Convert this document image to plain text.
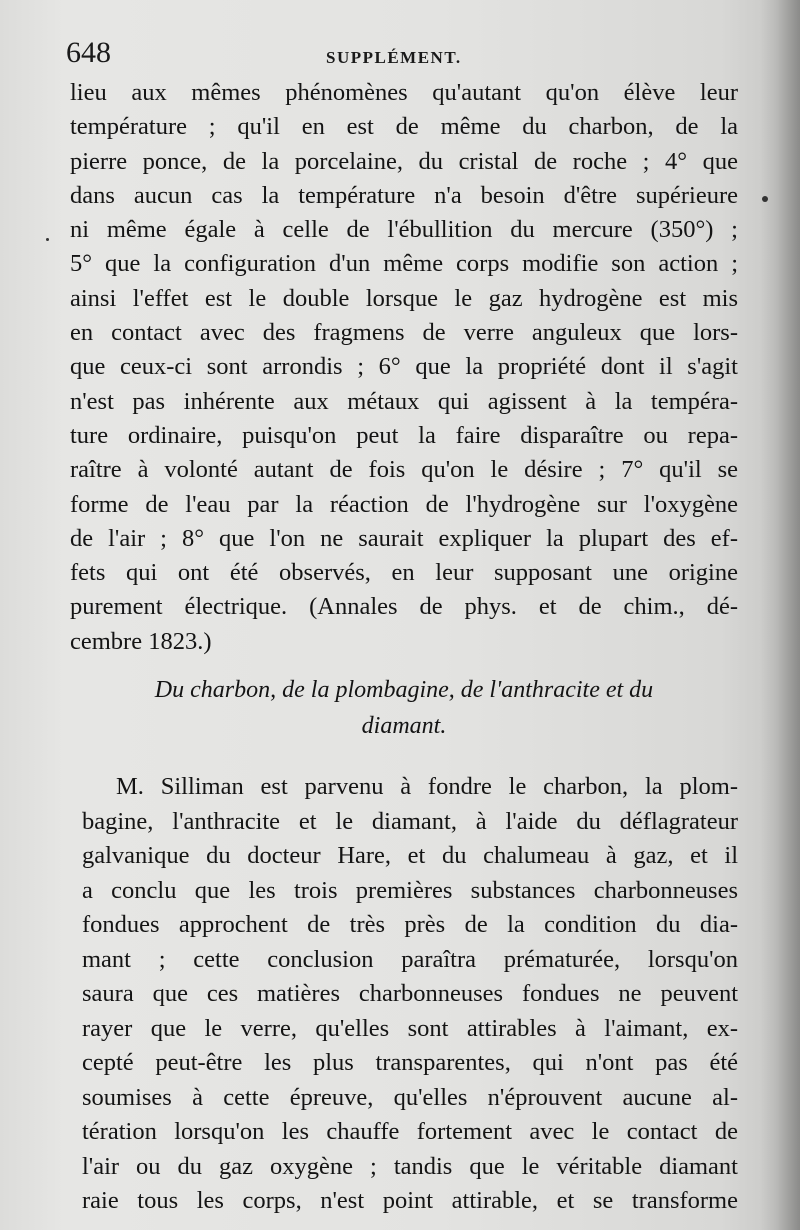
648	SUPPLÉMENT.
lieu aux mêmes phénomènes qu'autant qu'on élève leur
température ; qu'il en est de même du charbon, de la
pierre ponce, de la porcelaine, du cristal de roche ; 4° que
dans aucun cas la température n'a besoin d'être supérieure
ni même égale à celle de l'ébullition du mercure (350°) ;
5° que la configuration d'un même corps modifie son action ;
ainsi l'effet est le double lorsque le gaz hydrogène est mis
en contact avec des fragmens de verre anguleux que lors-
que ceux-ci sont arrondis ; 6° que la propriété dont il s'agit
n'est pas inhérente aux métaux qui agissent à la tempéra-
ture ordinaire, puisqu'on peut la faire disparaître ou repa-
raître à volonté autant de fois qu'on le désire ; 7° qu'il se
forme de l'eau par la réaction de l'hydrogène sur l'oxygène
de l'air ; 8° que l'on ne saurait expliquer la plupart des ef-
fets qui ont été observés, en leur supposant une origine
purement électrique. (Annales de phys. et de chim., dé-
cembre 1823.)
Du charbon, de la plombagine, de l'anthracite et du
diamant.
M. Silliman est parvenu à fondre le charbon, la plom-
bagine, l'anthracite et le diamant, à l'aide du déflagrateur
galvanique du docteur Hare, et du chalumeau à gaz, et il
a conclu que les trois premières substances charbonneuses
fondues approchent de très près de la condition du dia-
mant ; cette conclusion paraîtra prématurée, lorsqu'on
saura que ces matières charbonneuses fondues ne peuvent
rayer que le verre, qu'elles sont attirables à l'aimant, ex-
cepté peut-être les plus transparentes, qui n'ont pas été
soumises à cette épreuve, qu'elles n'éprouvent aucune al-
tération lorsqu'on les chauffe fortement avec le contact de
l'air ou du gaz oxygène ; tandis que le véritable diamant
raie tous les corps, n'est point attirable, et se transforme
